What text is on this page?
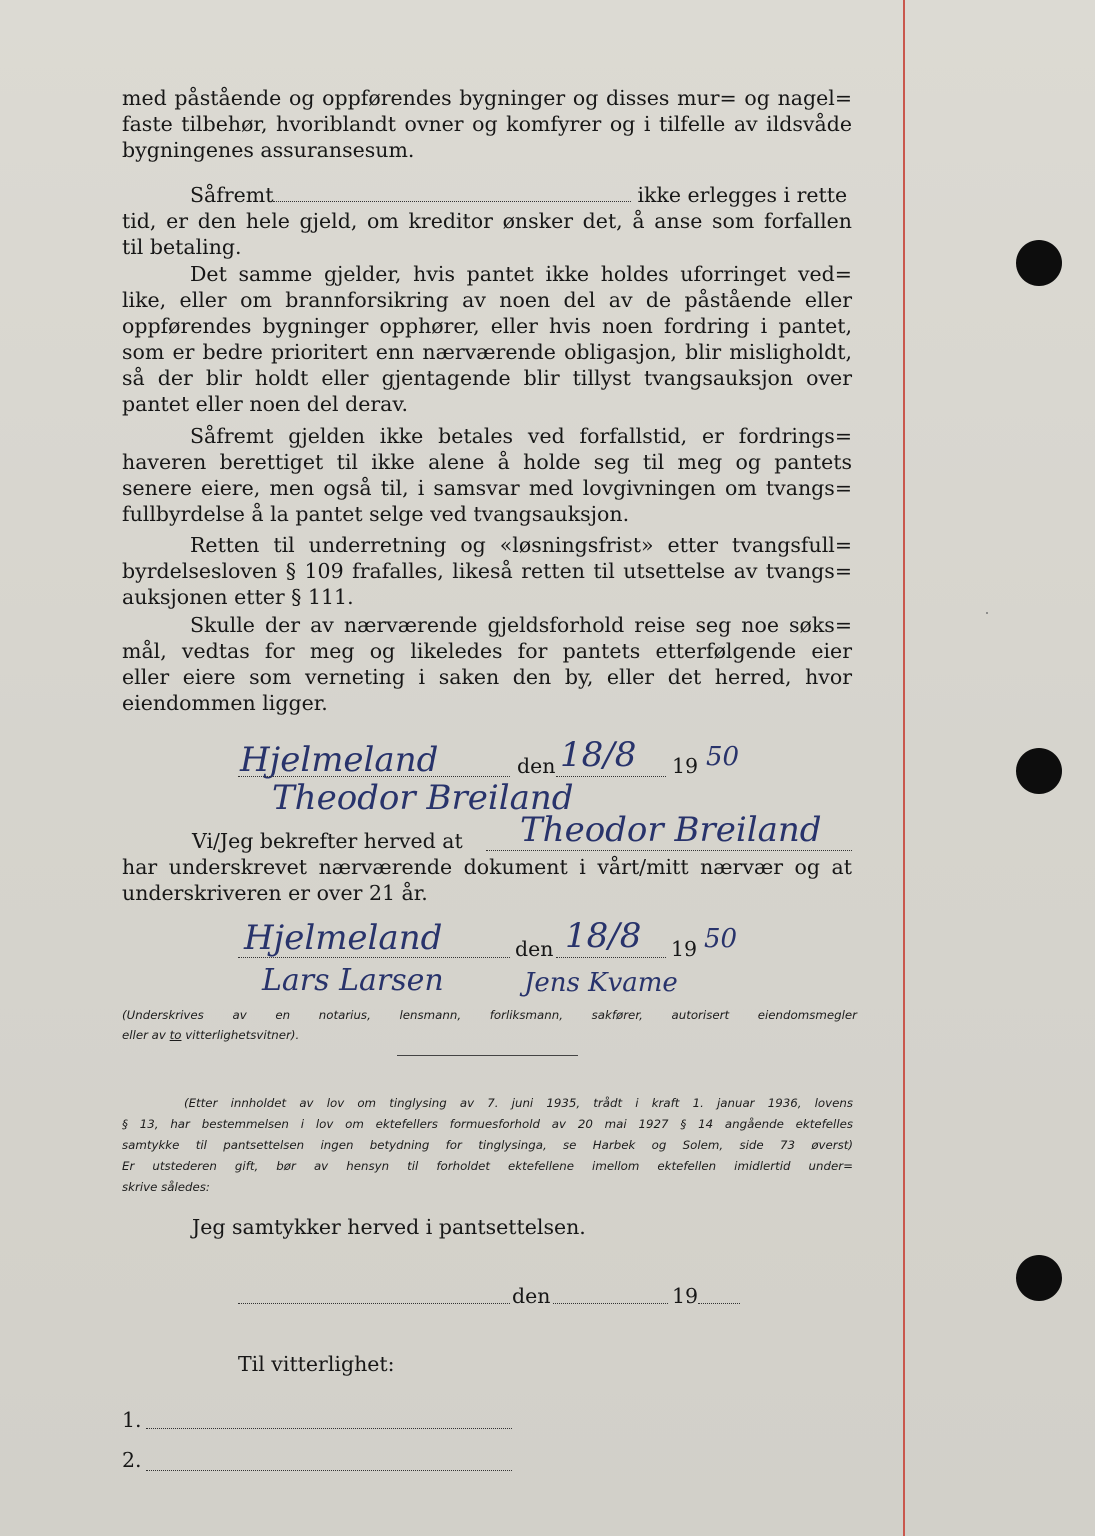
med påstående og oppførendes bygninger og disses mur= og nagel=
faste tilbehør, hvoriblandt ovner og komfyrer og i tilfelle av ildsvåde
bygningenes assuransesum.
Såfremt	ikke erlegges i rette
tid, er den hele gjeld, om kreditor ønsker det, å anse som forfallen
til betaling.
Det samme gjelder, hvis pantet ikke holdes uforringet ved=
like, eller om brannforsikring av noen del av de påstående eller
oppførendes bygninger opphører, eller hvis noen fordring i pantet,
som er bedre prioritert enn nærværende obligasjon, blir misligholdt,
så der blir holdt eller gjentagende blir tillyst tvangsauksjon over
pantet eller noen del derav.
Såfremt gjelden ikke betales ved forfallstid, er fordrings=
haveren berettiget til ikke alene å holde seg til meg og pantets
senere eiere, men også til, i samsvar med lovgivningen om tvangs=
fullbyrdelse å la pantet selge ved tvangsauksjon.
Retten til underretning og «løsningsfrist» etter tvangsfull=
byrdelsesloven § 109 frafalles, likeså retten til utsettelse av tvangs=
auksjonen etter § 111.
Skulle der av nærværende gjeldsforhold reise seg noe søks=
mål, vedtas for meg og likeledes for pantets etterfølgende eier
eller eiere som verneting i saken den by, eller det herred, hvor
eiendommen ligger.
Hjelmeland	den 18/8 19 50
Theodor Breiland
Vi/Jeg bekrefter herved at Theodor Breiland
har underskrevet nærværende dokument i vårt/mitt nærvær og at
underskriveren er over 21 år.
Hjelmeland	den 18/8 19 50
Lars Larsen	Jens Kvame
(Underskrives av en notarius, lensmann, forliksmann, sakfører, autorisert eiendomsmegler
eller av to vitterlighetsvitner).
(Etter innholdet av lov om tinglysing av 7. juni 1935, trådt i kraft 1. januar 1936, lovens
§ 13, har bestemmelsen i lov om ektefellers formuesforhold av 20 mai 1927 § 14 angående ektefelles
samtykke til pantsettelsen ingen betydning for tinglysinga, se Harbek og Solem, side 73 øverst)
Er utstederen gift, bør av hensyn til forholdet ektefellene imellom ektefellen imidlertid under=
skrive således:
Jeg samtykker herved i pantsettelsen.
den	19
Til vitterlighet:
1.
2.
